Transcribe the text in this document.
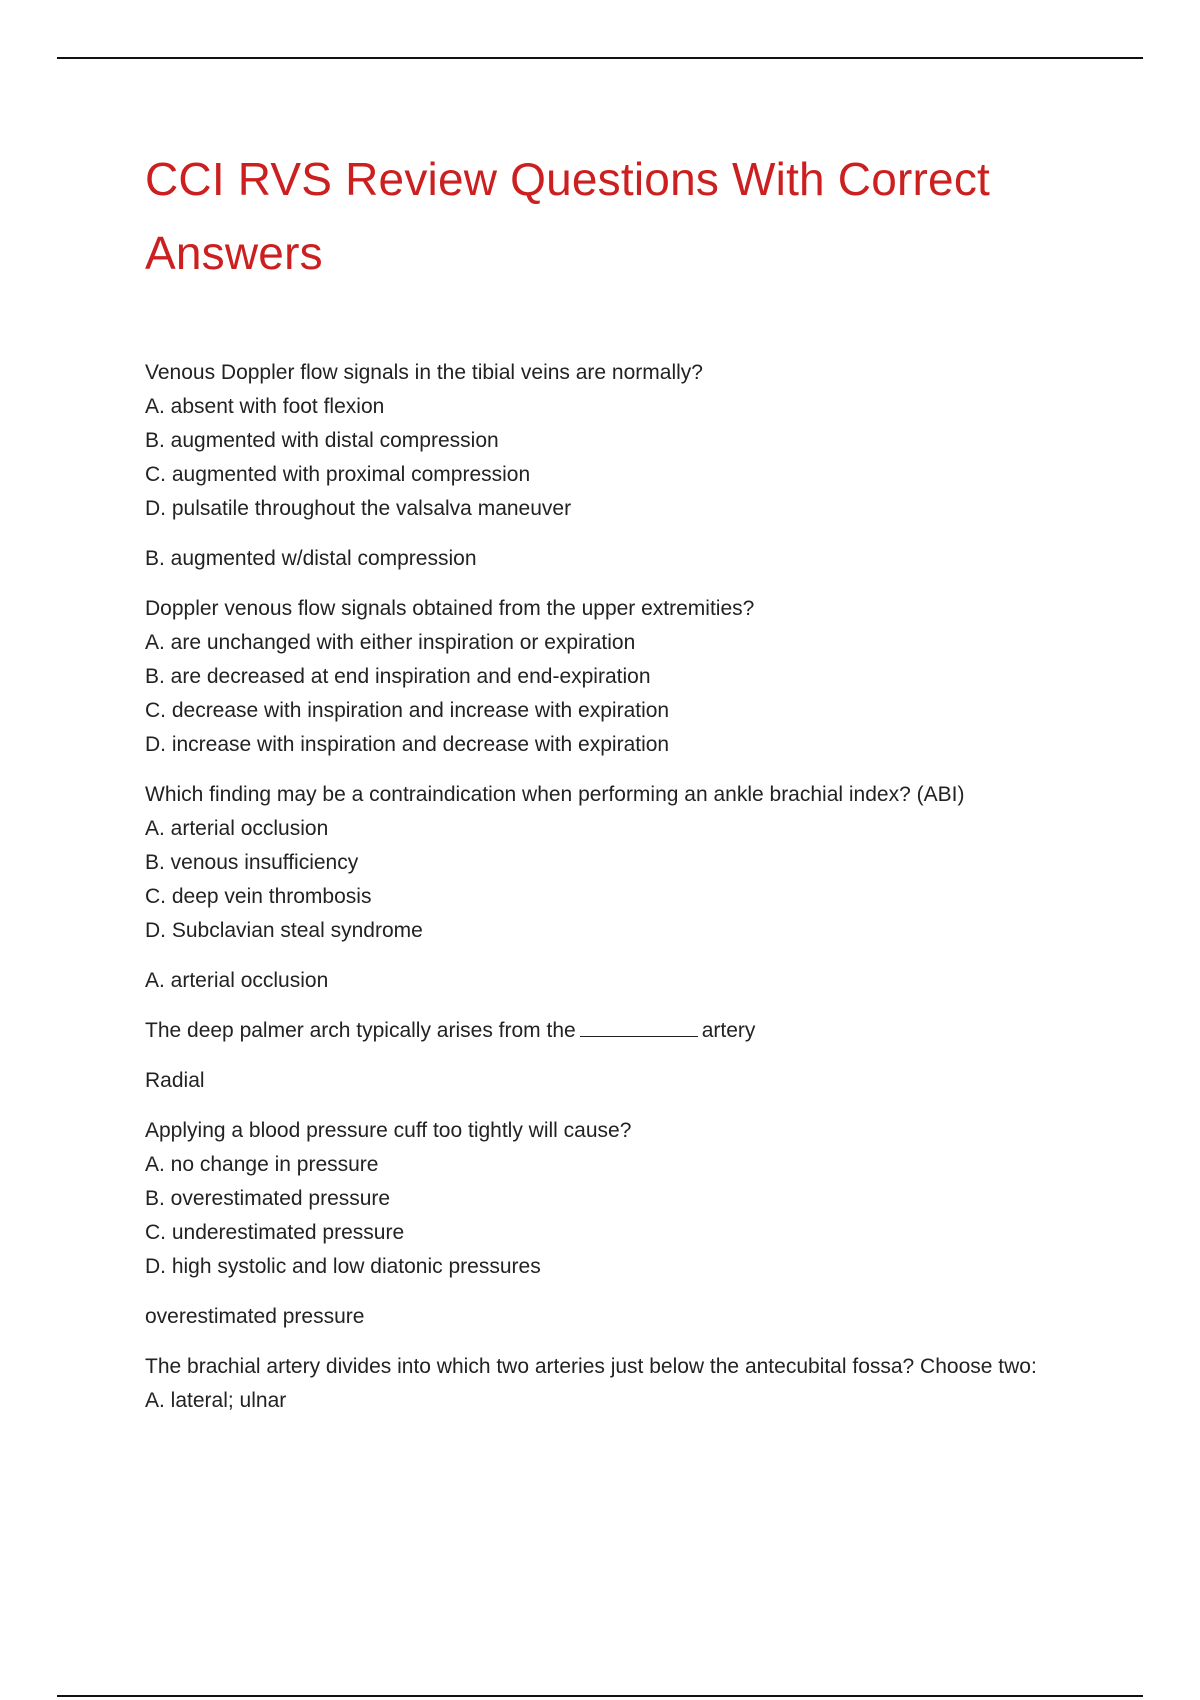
CCI RVS Review Questions With Correct Answers
Venous Doppler flow signals in the tibial veins are normally?
A. absent with foot flexion
B. augmented with distal compression
C. augmented with proximal compression
D. pulsatile throughout the valsalva maneuver
B. augmented w/distal compression
Doppler venous flow signals obtained from the upper extremities?
A. are unchanged with either inspiration or expiration
B. are decreased at end inspiration and end-expiration
C. decrease with inspiration and increase with expiration
D. increase with inspiration and decrease with expiration
Which finding may be a contraindication when performing an ankle brachial index? (ABI)
A. arterial occlusion
B. venous insufficiency
C. deep vein thrombosis
D. Subclavian steal syndrome
A. arterial occlusion
The deep palmer arch typically arises from the	artery
Radial
Applying a blood pressure cuff too tightly will cause?
A. no change in pressure
B. overestimated pressure
C. underestimated pressure
D. high systolic and low diatonic pressures
overestimated pressure
The brachial artery divides into which two arteries just below the antecubital fossa? Choose two:
A. lateral; ulnar
